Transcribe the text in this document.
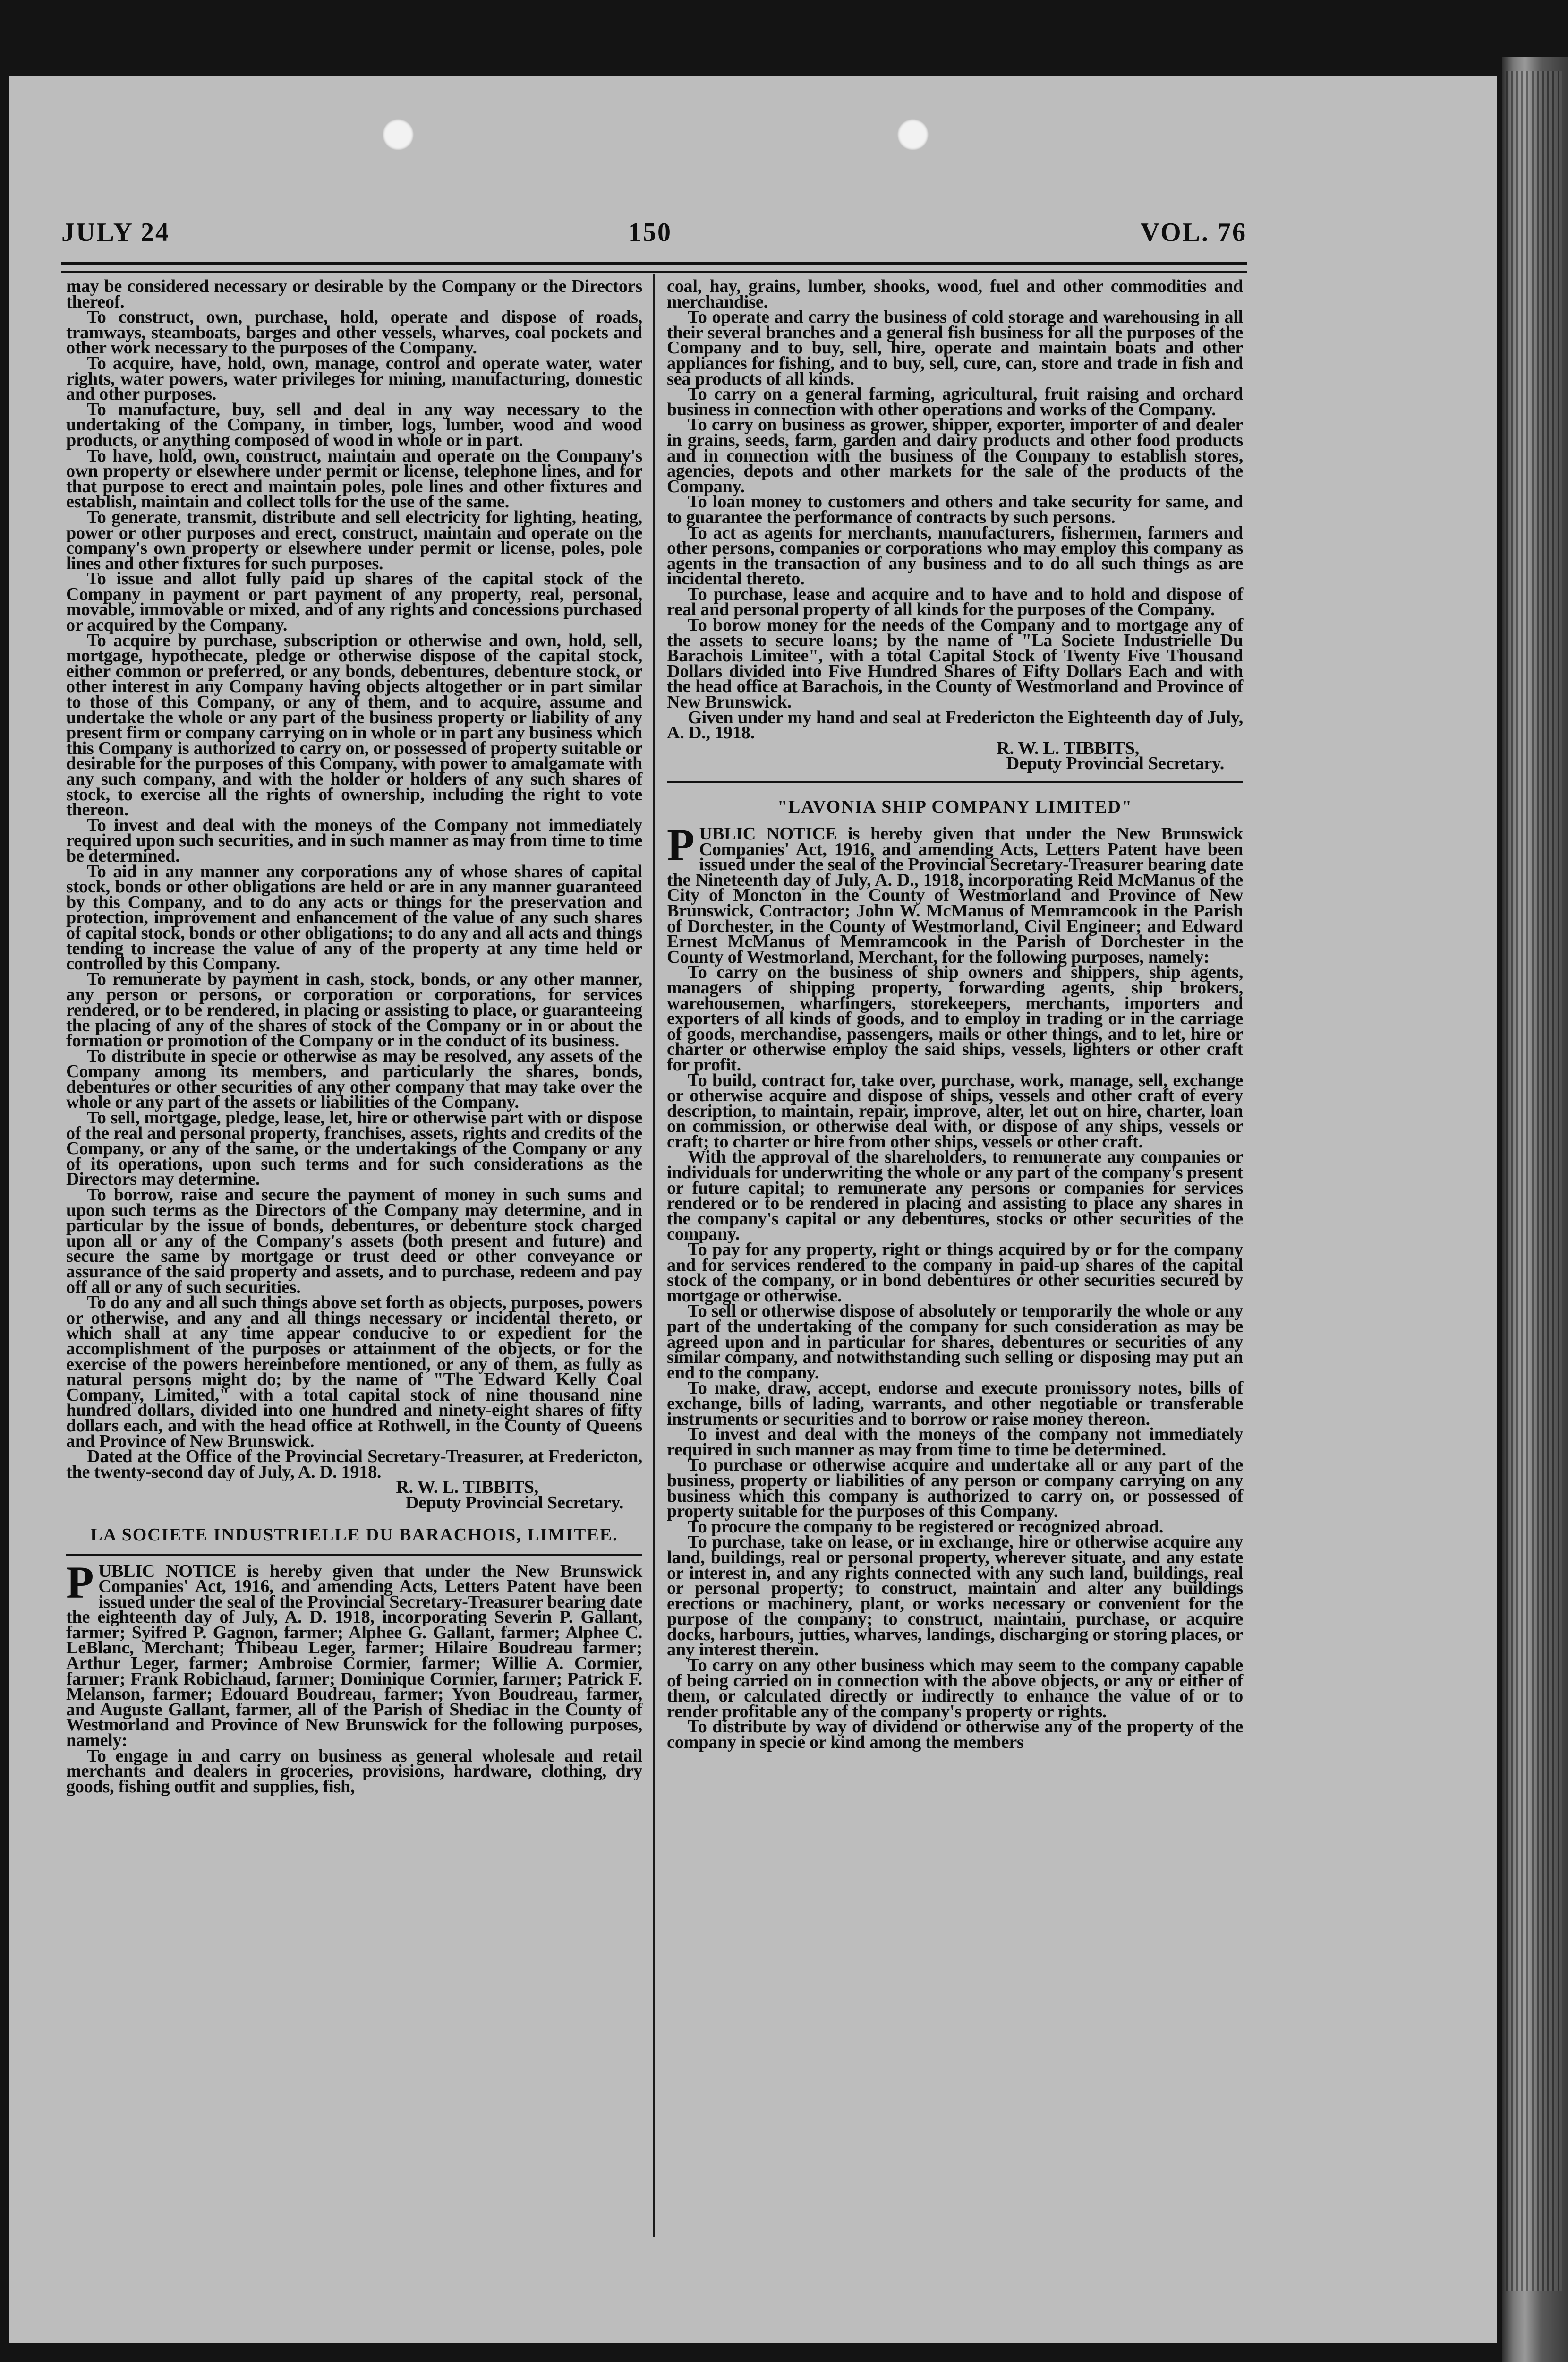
JULY 24	150	VOL. 76

may be considered necessary or desirable by the Company or the Directors thereof.

To construct, own, purchase, hold, operate and dispose of roads, tramways, steamboats, barges and other vessels, wharves, coal pockets and other work necessary to the purposes of the Company.

To acquire, have, hold, own, manage, control and operate water, water rights, water powers, water privileges for mining, manufacturing, domestic and other purposes.

To manufacture, buy, sell and deal in any way necessary to the undertaking of the Company, in timber, logs, lumber, wood and wood products, or anything composed of wood in whole or in part.

To have, hold, own, construct, maintain and operate on the Company's own property or elsewhere under permit or license, telephone lines, and for that purpose to erect and maintain poles, pole lines and other fixtures and establish, maintain and collect tolls for the use of the same.

To generate, transmit, distribute and sell electricity for lighting, heating, power or other purposes and erect, construct, maintain and operate on the company's own property or elsewhere under permit or license, poles, pole lines and other fixtures for such purposes.

To issue and allot fully paid up shares of the capital stock of the Company in payment or part payment of any property, real, personal, movable, immovable or mixed, and of any rights and concessions purchased or acquired by the Company.

To acquire by purchase, subscription or otherwise and own, hold, sell, mortgage, hypothecate, pledge or otherwise dispose of the capital stock, either common or preferred, or any bonds, debentures, debenture stock, or other interest in any Company having objects altogether or in part similar to those of this Company, or any of them, and to acquire, assume and undertake the whole or any part of the business property or liability of any present firm or company carrying on in whole or in part any business which this Company is authorized to carry on, or possessed of property suitable or desirable for the purposes of this Company, with power to amalgamate with any such company, and with the holder or holders of any such shares of stock, to exercise all the rights of ownership, including the right to vote thereon.

To invest and deal with the moneys of the Company not immediately required upon such securities, and in such manner as may from time to time be determined.

To aid in any manner any corporations any of whose shares of capital stock, bonds or other obligations are held or are in any manner guaranteed by this Company, and to do any acts or things for the preservation and protection, improvement and enhancement of the value of any such shares of capital stock, bonds or other obligations; to do any and all acts and things tending to increase the value of any of the property at any time held or controlled by this Company.

To remunerate by payment in cash, stock, bonds, or any other manner, any person or persons, or corporation or corporations, for services rendered, or to be rendered, in placing or assisting to place, or guaranteeing the placing of any of the shares of stock of the Company or in or about the formation or promotion of the Company or in the conduct of its business.

To distribute in specie or otherwise as may be resolved, any assets of the Company among its members, and particularly the shares, bonds, debentures or other securities of any other company that may take over the whole or any part of the assets or liabilities of the Company.

To sell, mortgage, pledge, lease, let, hire or otherwise part with or dispose of the real and personal property, franchises, assets, rights and credits of the Company, or any of the same, or the undertakings of the Company or any of its operations, upon such terms and for such considerations as the Directors may determine.

To borrow, raise and secure the payment of money in such sums and upon such terms as the Directors of the Company may determine, and in particular by the issue of bonds, debentures, or debenture stock charged upon all or any of the Company's assets (both present and future) and secure the same by mortgage or trust deed or other conveyance or assurance of the said property and assets, and to purchase, redeem and pay off all or any of such securities.

To do any and all such things above set forth as objects, purposes, powers or otherwise, and any and all things necessary or incidental thereto, or which shall at any time appear conducive to or expedient for the accomplishment of the purposes or attainment of the objects, or for the exercise of the powers hereinbefore mentioned, or any of them, as fully as natural persons might do; by the name of "The Edward Kelly Coal Company, Limited," with a total capital stock of nine thousand nine hundred dollars, divided into one hundred and ninety-eight shares of fifty dollars each, and with the head office at Rothwell, in the County of Queens and Province of New Brunswick.

Dated at the Office of the Provincial Secretary-Treasurer, at Fredericton, the twenty-second day of July, A. D. 1918.

R. W. L. TIBBITS,

Deputy Provincial Secretary.

LA SOCIETE INDUSTRIELLE DU BARACHOIS, LIMITEE.

PUBLIC NOTICE is hereby given that under the New Brunswick Companies' Act, 1916, and amending Acts, Letters Patent have been issued under the seal of the Provincial Secretary-Treasurer bearing date the eighteenth day of July, A. D. 1918, incorporating Severin P. Gallant, farmer; Syifred P. Gagnon, farmer; Alphee G. Gallant, farmer; Alphee C. LeBlanc, Merchant; Thibeau Leger, farmer; Hilaire Boudreau farmer; Arthur Leger, farmer; Ambroise Cormier, farmer; Willie A. Cormier, farmer; Frank Robichaud, farmer; Dominique Cormier, farmer; Patrick F. Melanson, farmer; Edouard Boudreau, farmer; Yvon Boudreau, farmer, and Auguste Gallant, farmer, all of the Parish of Shediac in the County of Westmorland and Province of New Brunswick for the following purposes, namely:

To engage in and carry on business as general wholesale and retail merchants and dealers in groceries, provisions, hardware, clothing, dry goods, fishing outfit and supplies, fish,

coal, hay, grains, lumber, shooks, wood, fuel and other commodities and merchandise.

To operate and carry the business of cold storage and warehousing in all their several branches and a general fish business for all the purposes of the Company and to buy, sell, hire, operate and maintain boats and other appliances for fishing, and to buy, sell, cure, can, store and trade in fish and sea products of all kinds.

To carry on a general farming, agricultural, fruit raising and orchard business in connection with other operations and works of the Company.

To carry on business as grower, shipper, exporter, importer of and dealer in grains, seeds, farm, garden and dairy products and other food products and in connection with the business of the Company to establish stores, agencies, depots and other markets for the sale of the products of the Company.

To loan money to customers and others and take security for same, and to guarantee the performance of contracts by such persons.

To act as agents for merchants, manufacturers, fishermen, farmers and other persons, companies or corporations who may employ this company as agents in the transaction of any business and to do all such things as are incidental thereto.

To purchase, lease and acquire and to have and to hold and dispose of real and personal property of all kinds for the purposes of the Company.

To borow money for the needs of the Company and to mortgage any of the assets to secure loans; by the name of "La Societe Industrielle Du Barachois Limitee", with a total Capital Stock of Twenty Five Thousand Dollars divided into Five Hundred Shares of Fifty Dollars Each and with the head office at Barachois, in the County of Westmorland and Province of New Brunswick.

Given under my hand and seal at Fredericton the Eighteenth day of July, A. D., 1918.

R. W. L. TIBBITS,

Deputy Provincial Secretary.

"LAVONIA SHIP COMPANY LIMITED"

PUBLIC NOTICE is hereby given that under the New Brunswick Companies' Act, 1916, and amending Acts, Letters Patent have been issued under the seal of the Provincial Secretary-Treasurer bearing date the Nineteenth day of July, A. D., 1918, incorporating Reid McManus of the City of Moncton in the County of Westmorland and Province of New Brunswick, Contractor; John W. McManus of Memramcook in the Parish of Dorchester, in the County of Westmorland, Civil Engineer; and Edward Ernest McManus of Memramcook in the Parish of Dorchester in the County of Westmorland, Merchant, for the following purposes, namely:

To carry on the business of ship owners and shippers, ship agents, managers of shipping property, forwarding agents, ship brokers, warehousemen, wharfingers, storekeepers, merchants, importers and exporters of all kinds of goods, and to employ in trading or in the carriage of goods, merchandise, passengers, mails or other things, and to let, hire or charter or otherwise employ the said ships, vessels, lighters or other craft for profit.

To build, contract for, take over, purchase, work, manage, sell, exchange or otherwise acquire and dispose of ships, vessels and other craft of every description, to maintain, repair, improve, alter, let out on hire, charter, loan on commission, or otherwise deal with, or dispose of any ships, vessels or craft; to charter or hire from other ships, vessels or other craft.

With the approval of the shareholders, to remunerate any companies or individuals for underwriting the whole or any part of the company's present or future capital; to remunerate any persons or companies for services rendered or to be rendered in placing and assisting to place any shares in the company's capital or any debentures, stocks or other securities of the company.

To pay for any property, right or things acquired by or for the company and for services rendered to the company in paid-up shares of the capital stock of the company, or in bond debentures or other securities secured by mortgage or otherwise.

To sell or otherwise dispose of absolutely or temporarily the whole or any part of the undertaking of the company for such consideration as may be agreed upon and in particular for shares, debentures or securities of any similar company, and notwithstanding such selling or disposing may put an end to the company.

To make, draw, accept, endorse and execute promissory notes, bills of exchange, bills of lading, warrants, and other negotiable or transferable instruments or securities and to borrow or raise money thereon.

To invest and deal with the moneys of the company not immediately required in such manner as may from time to time be determined.

To purchase or otherwise acquire and undertake all or any part of the business, property or liabilities of any person or company carrying on any business which this company is authorized to carry on, or possessed of property suitable for the purposes of this Company.

To procure the company to be registered or recognized abroad.

To purchase, take on lease, or in exchange, hire or otherwise acquire any land, buildings, real or personal property, wherever situate, and any estate or interest in, and any rights connected with any such land, buildings, real or personal property; to construct, maintain and alter any buildings erections or machinery, plant, or works necessary or convenient for the purpose of the company; to construct, maintain, purchase, or acquire docks, harbours, jutties, wharves, landings, discharging or storing places, or any interest therein.

To carry on any other business which may seem to the company capable of being carried on in connection with the above objects, or any or either of them, or calculated directly or indirectly to enhance the value of or to render profitable any of the company's property or rights.

To distribute by way of dividend or otherwise any of the property of the company in specie or kind among the members
